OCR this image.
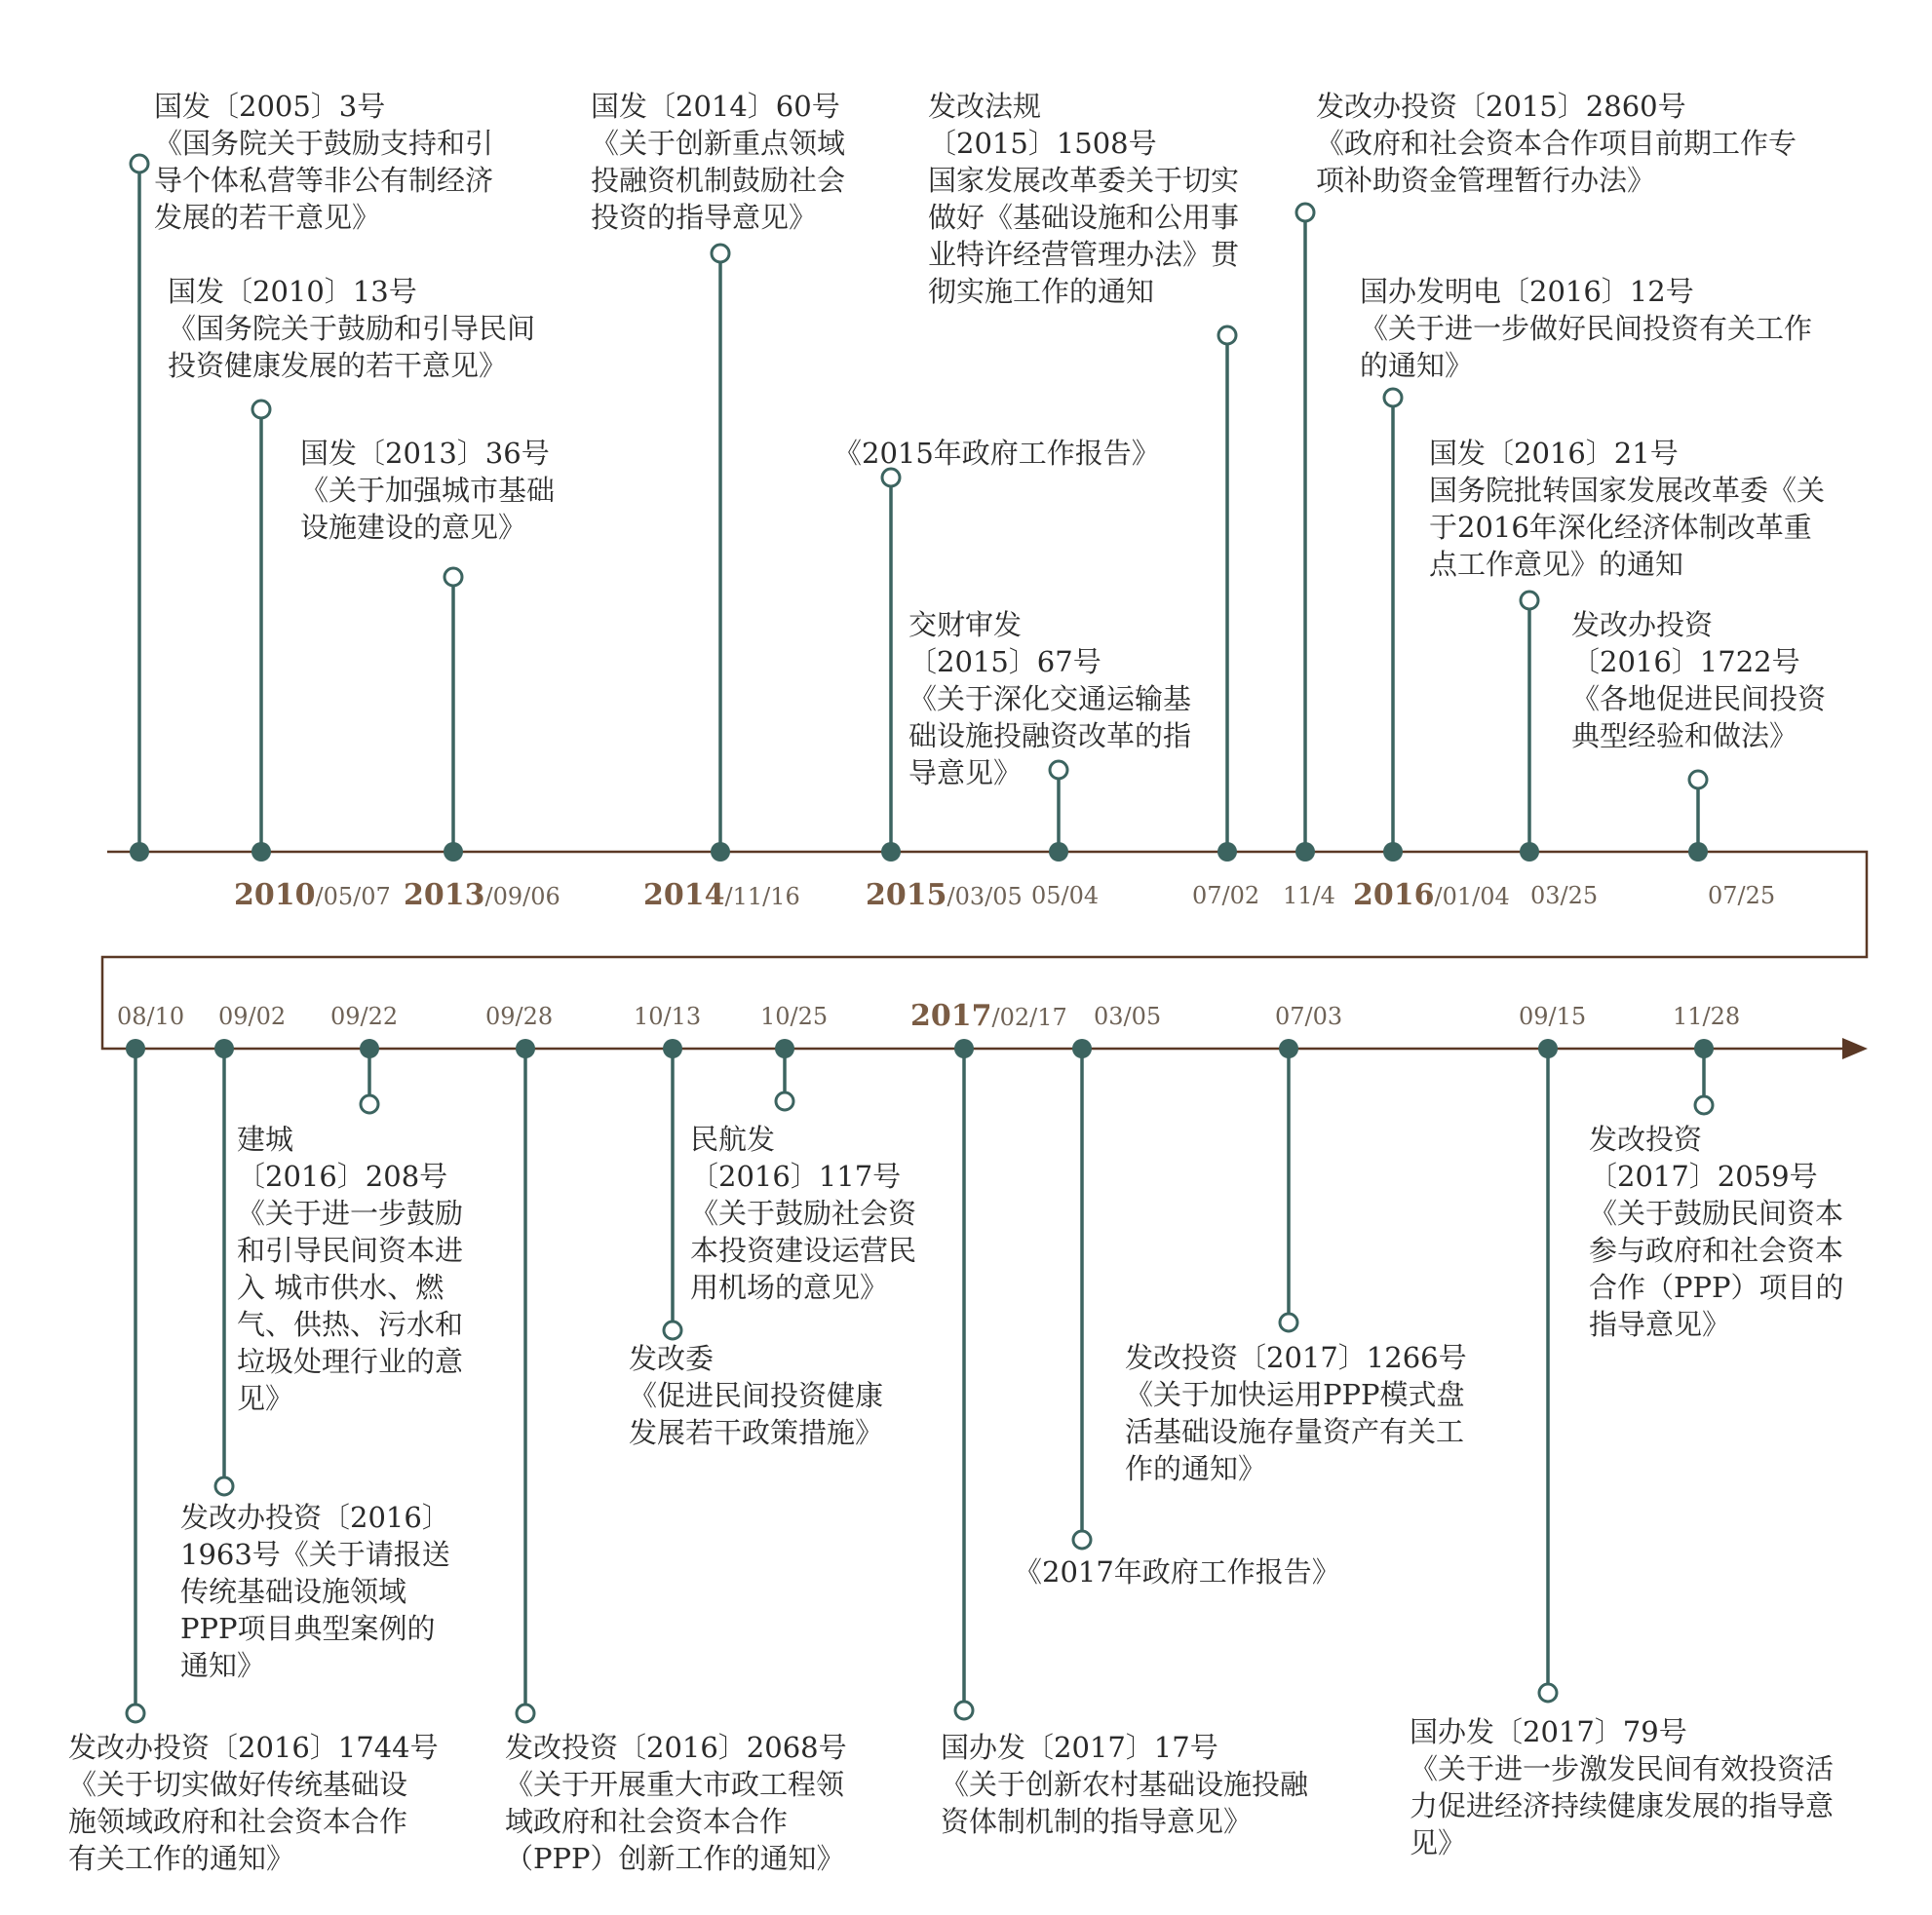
国发〔2005〕3号
《国务院关于鼓励支持和引
导个体私营等非公有制经济
发展的若干意见》
国发〔2010〕13号
《国务院关于鼓励和引导民间
投资健康发展的若干意见》
国发〔2013〕36号
《关于加强城市基础
设施建设的意见》
国发〔2014〕60号
《关于创新重点领域
投融资机制鼓励社会
投资的指导意见》
《2015年政府工作报告》
交财审发
〔2015〕67号
《关于深化交通运输基
础设施投融资改革的指
导意见》
发改法规
〔2015〕1508号
国家发展改革委关于切实
做好《基础设施和公用事
业特许经营管理办法》贯
彻实施工作的通知
发改办投资〔2015〕2860号
《政府和社会资本合作项目前期工作专
项补助资金管理暂行办法》
国办发明电〔2016〕12号
《关于进一步做好民间投资有关工作
的通知》
国发〔2016〕21号
国务院批转国家发展改革委《关
于2016年深化经济体制改革重
点工作意见》的通知
发改办投资
〔2016〕1722号
《各地促进民间投资
典型经验和做法》
发改办投资〔2016〕1744号
《关于切实做好传统基础设
施领域政府和社会资本合作
有关工作的通知》
发改办投资〔2016〕
1963号《关于请报送
传统基础设施领域
PPP项目典型案例的
通知》
建城
〔2016〕208号
《关于进一步鼓励
和引导民间资本进
入 城市供水、燃
气、供热、污水和
垃圾处理行业的意
见》
发改投资〔2016〕2068号
《关于开展重大市政工程领
域政府和社会资本合作
（PPP）创新工作的通知》
发改委
《促进民间投资健康
发展若干政策措施》
民航发
〔2016〕117号
《关于鼓励社会资
本投资建设运营民
用机场的意见》
国办发〔2017〕17号
《关于创新农村基础设施投融
资体制机制的指导意见》
《2017年政府工作报告》
发改投资〔2017〕1266号
《关于加快运用PPP模式盘
活基础设施存量资产有关工
作的通知》
国办发〔2017〕79号
《关于进一步激发民间有效投资活
力促进经济持续健康发展的指导意
见》
发改投资
〔2017〕2059号
《关于鼓励民间资本
参与政府和社会资本
合作（PPP）项目的
指导意见》
2010/05/07 2013/09/06	2014/11/16 2015/03/05 05/04	07/02 11/4 2016/01/04 03/25	07/25
08/10 09/02 09/22	09/28	10/13	10/25	2017/02/17 03/05	07/03	09/15	11/28
